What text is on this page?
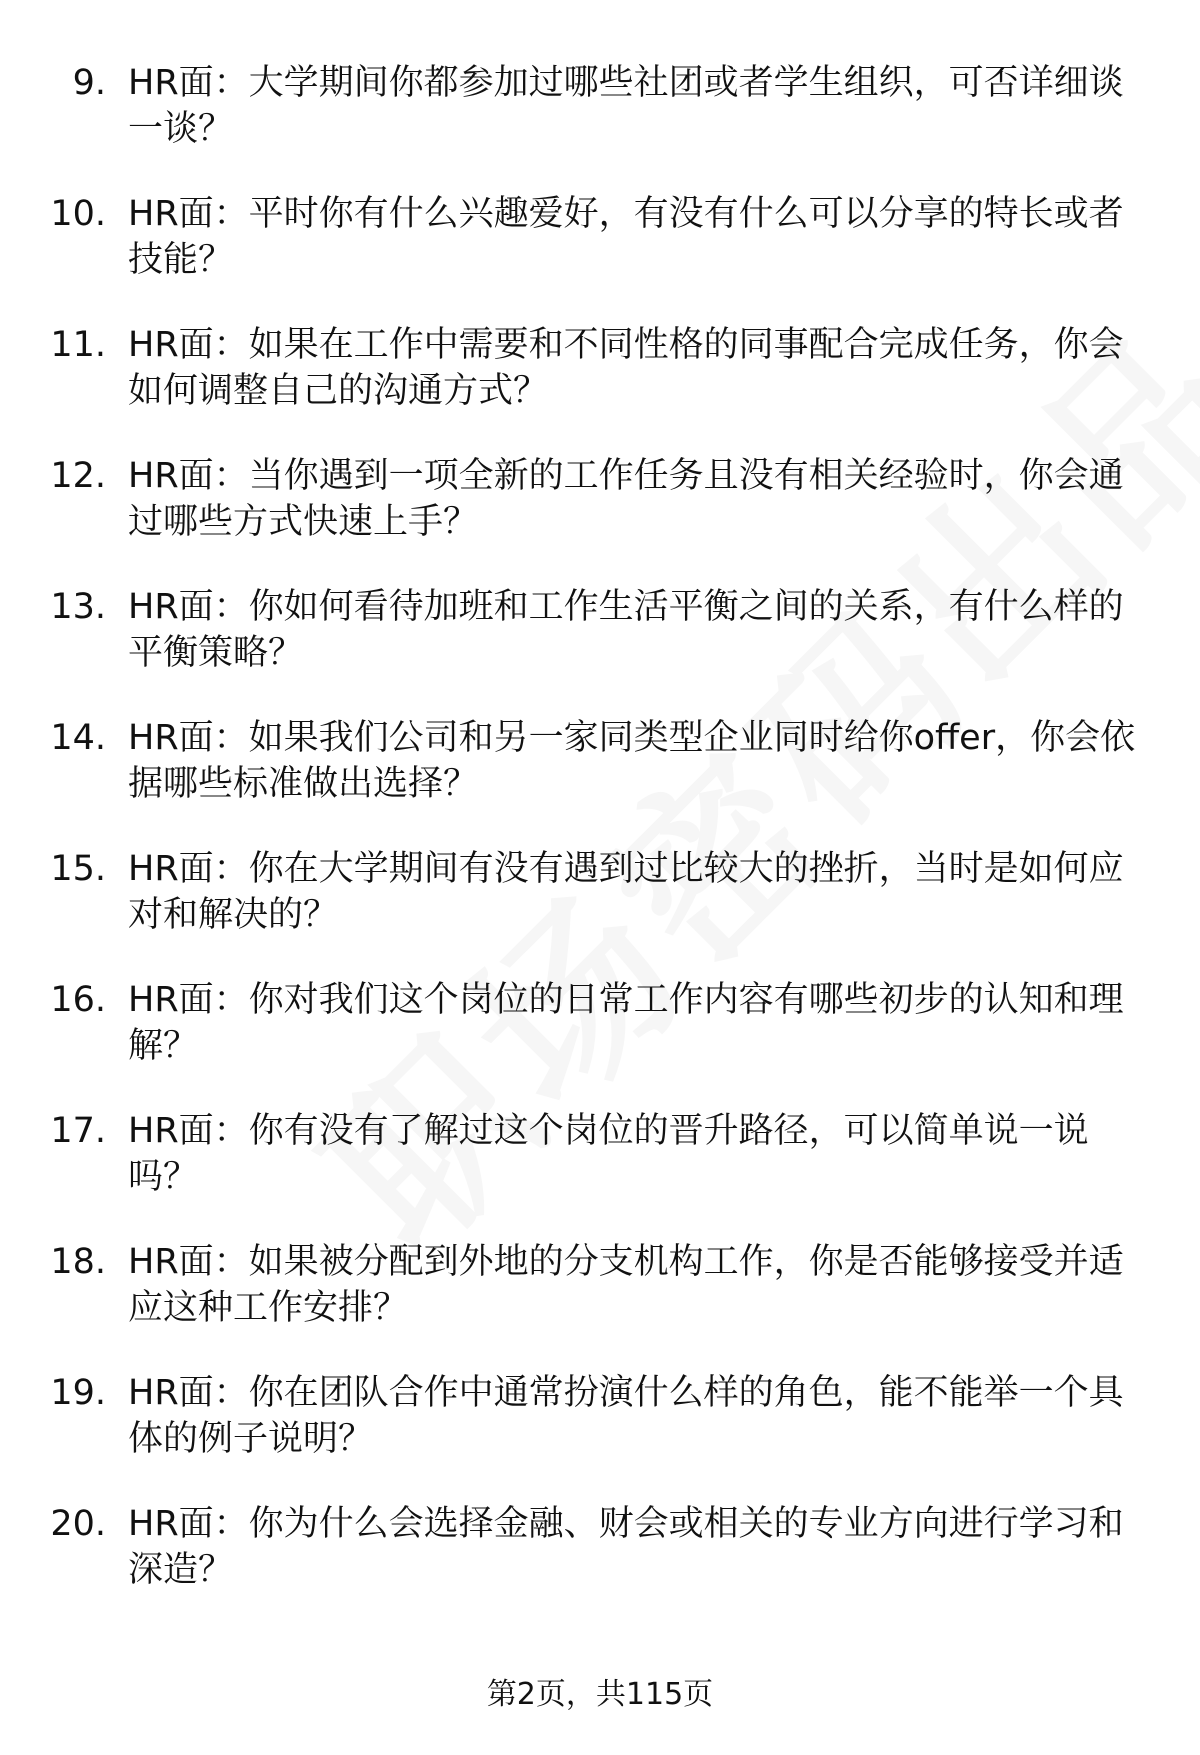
9. HR面：大学期间你都参加过哪些社团或者学生组织，可否详细谈一谈？
10. HR面：平时你有什么兴趣爱好，有没有什么可以分享的特长或者技能？
11. HR面：如果在工作中需要和不同性格的同事配合完成任务，你会如何调整自己的沟通方式？
12. HR面：当你遇到一项全新的工作任务且没有相关经验时，你会通过哪些方式快速上手？
13. HR面：你如何看待加班和工作生活平衡之间的关系，有什么样的平衡策略？
14. HR面：如果我们公司和另一家同类型企业同时给你offer，你会依据哪些标准做出选择？
15. HR面：你在大学期间有没有遇到过比较大的挫折，当时是如何应对和解决的？
16. HR面：你对我们这个岗位的日常工作内容有哪些初步的认知和理解？
17. HR面：你有没有了解过这个岗位的晋升路径，可以简单说一说吗？
18. HR面：如果被分配到外地的分支机构工作，你是否能够接受并适应这种工作安排？
19. HR面：你在团队合作中通常扮演什么样的角色，能不能举一个具体的例子说明？
20. HR面：你为什么会选择金融、财会或相关的专业方向进行学习和深造？
第2页，共115页
